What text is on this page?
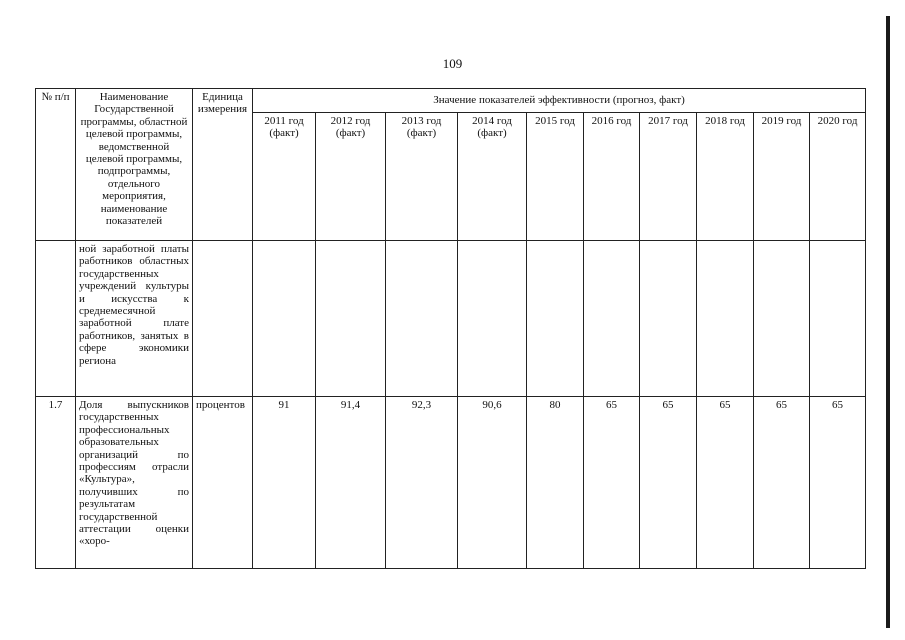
109
№ п/п	Наименование Государственной программы, областной целевой программы, ведомственной целевой программы, подпрограммы, отдельного мероприятия, наименование показателей	Единица измерения	Значение показателей эффективности (прогноз, факт)									
			2011 год (факт)	2012 год (факт)	2013 год (факт)	2014 год (факт)	2015 год	2016 год	2017 год	2018 год	2019 год	2020 год
	ной заработной платы работников областных государственных учреждений культуры и искусства к среднемесячной заработной плате работников, занятых в сфере экономики региона											
1.7	Доля выпускников государственных профессиональных образовательных организаций по профессиям отрасли «Культура», получивших по результатам государственной аттестации оценки «хоро-	процентов	91	91,4	92,3	90,6	80	65	65	65	65	65
